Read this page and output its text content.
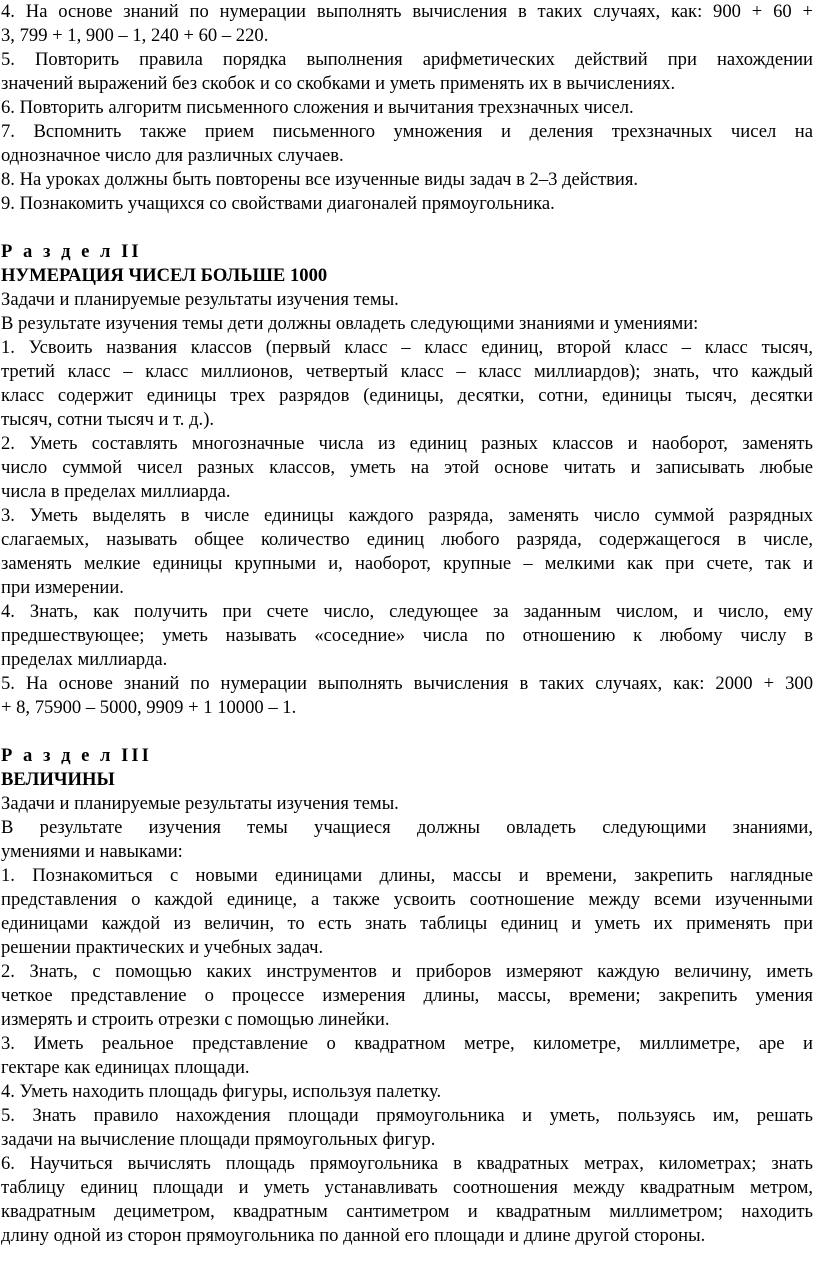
4. На основе знаний по нумерации выполнять вычисления в таких случаях, как: 900 + 60 +
3, 799 + 1, 900 – 1, 240 + 60 – 220.
5. Повторить правила порядка выполнения арифметических действий при нахождении
значений выражений без скобок и со скобками и уметь применять их в вычислениях.
6. Повторить алгоритм письменного сложения и вычитания трехзначных чисел.
7. Вспомнить также прием письменного умножения и деления трехзначных чисел на
однозначное число для различных случаев.
8. На уроках должны быть повторены все изученные виды задач в 2–3 действия.
9. Познакомить учащихся со свойствами диагоналей прямоугольника.
Р а з д е л II
НУМЕРАЦИЯ ЧИСЕЛ БОЛЬШЕ 1000
Задачи и планируемые результаты изучения темы.
В результате изучения темы дети должны овладеть следующими знаниями и умениями:
1. Усвоить названия классов (первый класс – класс единиц, второй класс – класс тысяч,
третий класс – класс миллионов, четвертый класс – класс миллиардов); знать, что каждый
класс содержит единицы трех разрядов (единицы, десятки, сотни, единицы тысяч, десятки
тысяч, сотни тысяч и т. д.).
2. Уметь составлять многозначные числа из единиц разных классов и наоборот, заменять
число суммой чисел разных классов, уметь на этой основе читать и записывать любые
числа в пределах миллиарда.
3. Уметь выделять в числе единицы каждого разряда, заменять число суммой разрядных
слагаемых, называть общее количество единиц любого разряда, содержащегося в числе,
заменять мелкие единицы крупными и, наоборот, крупные – мелкими как при счете, так и
при измерении.
4. Знать, как получить при счете число, следующее за заданным числом, и число, ему
предшествующее; уметь называть «соседние» числа по отношению к любому числу в
пределах миллиарда.
5. На основе знаний по нумерации выполнять вычисления в таких случаях, как: 2000 + 300
+ 8, 75900 – 5000, 9909 + 1 10000 – 1.
Р а з д е л III
ВЕЛИЧИНЫ
Задачи и планируемые результаты изучения темы.
В результате изучения темы учащиеся должны овладеть следующими знаниями,
умениями и навыками:
1. Познакомиться с новыми единицами длины, массы и времени, закрепить наглядные
представления о каждой единице, а также усвоить соотношение между всеми изученными
единицами каждой из величин, то есть знать таблицы единиц и уметь их применять при
решении практических и учебных задач.
2. Знать, с помощью каких инструментов и приборов измеряют каждую величину, иметь
четкое представление о процессе измерения длины, массы, времени; закрепить умения
измерять и строить отрезки с помощью линейки.
3. Иметь реальное представление о квадратном метре, километре, миллиметре, аре и
гектаре как единицах площади.
4. Уметь находить площадь фигуры, используя палетку.
5. Знать правило нахождения площади прямоугольника и уметь, пользуясь им, решать
задачи на вычисление площади прямоугольных фигур.
6. Научиться вычислять площадь прямоугольника в квадратных метрах, километрах; знать
таблицу единиц площади и уметь устанавливать соотношения между квадратным метром,
квадратным дециметром, квадратным сантиметром и квадратным миллиметром; находить
длину одной из сторон прямоугольника по данной его площади и длине другой стороны.
